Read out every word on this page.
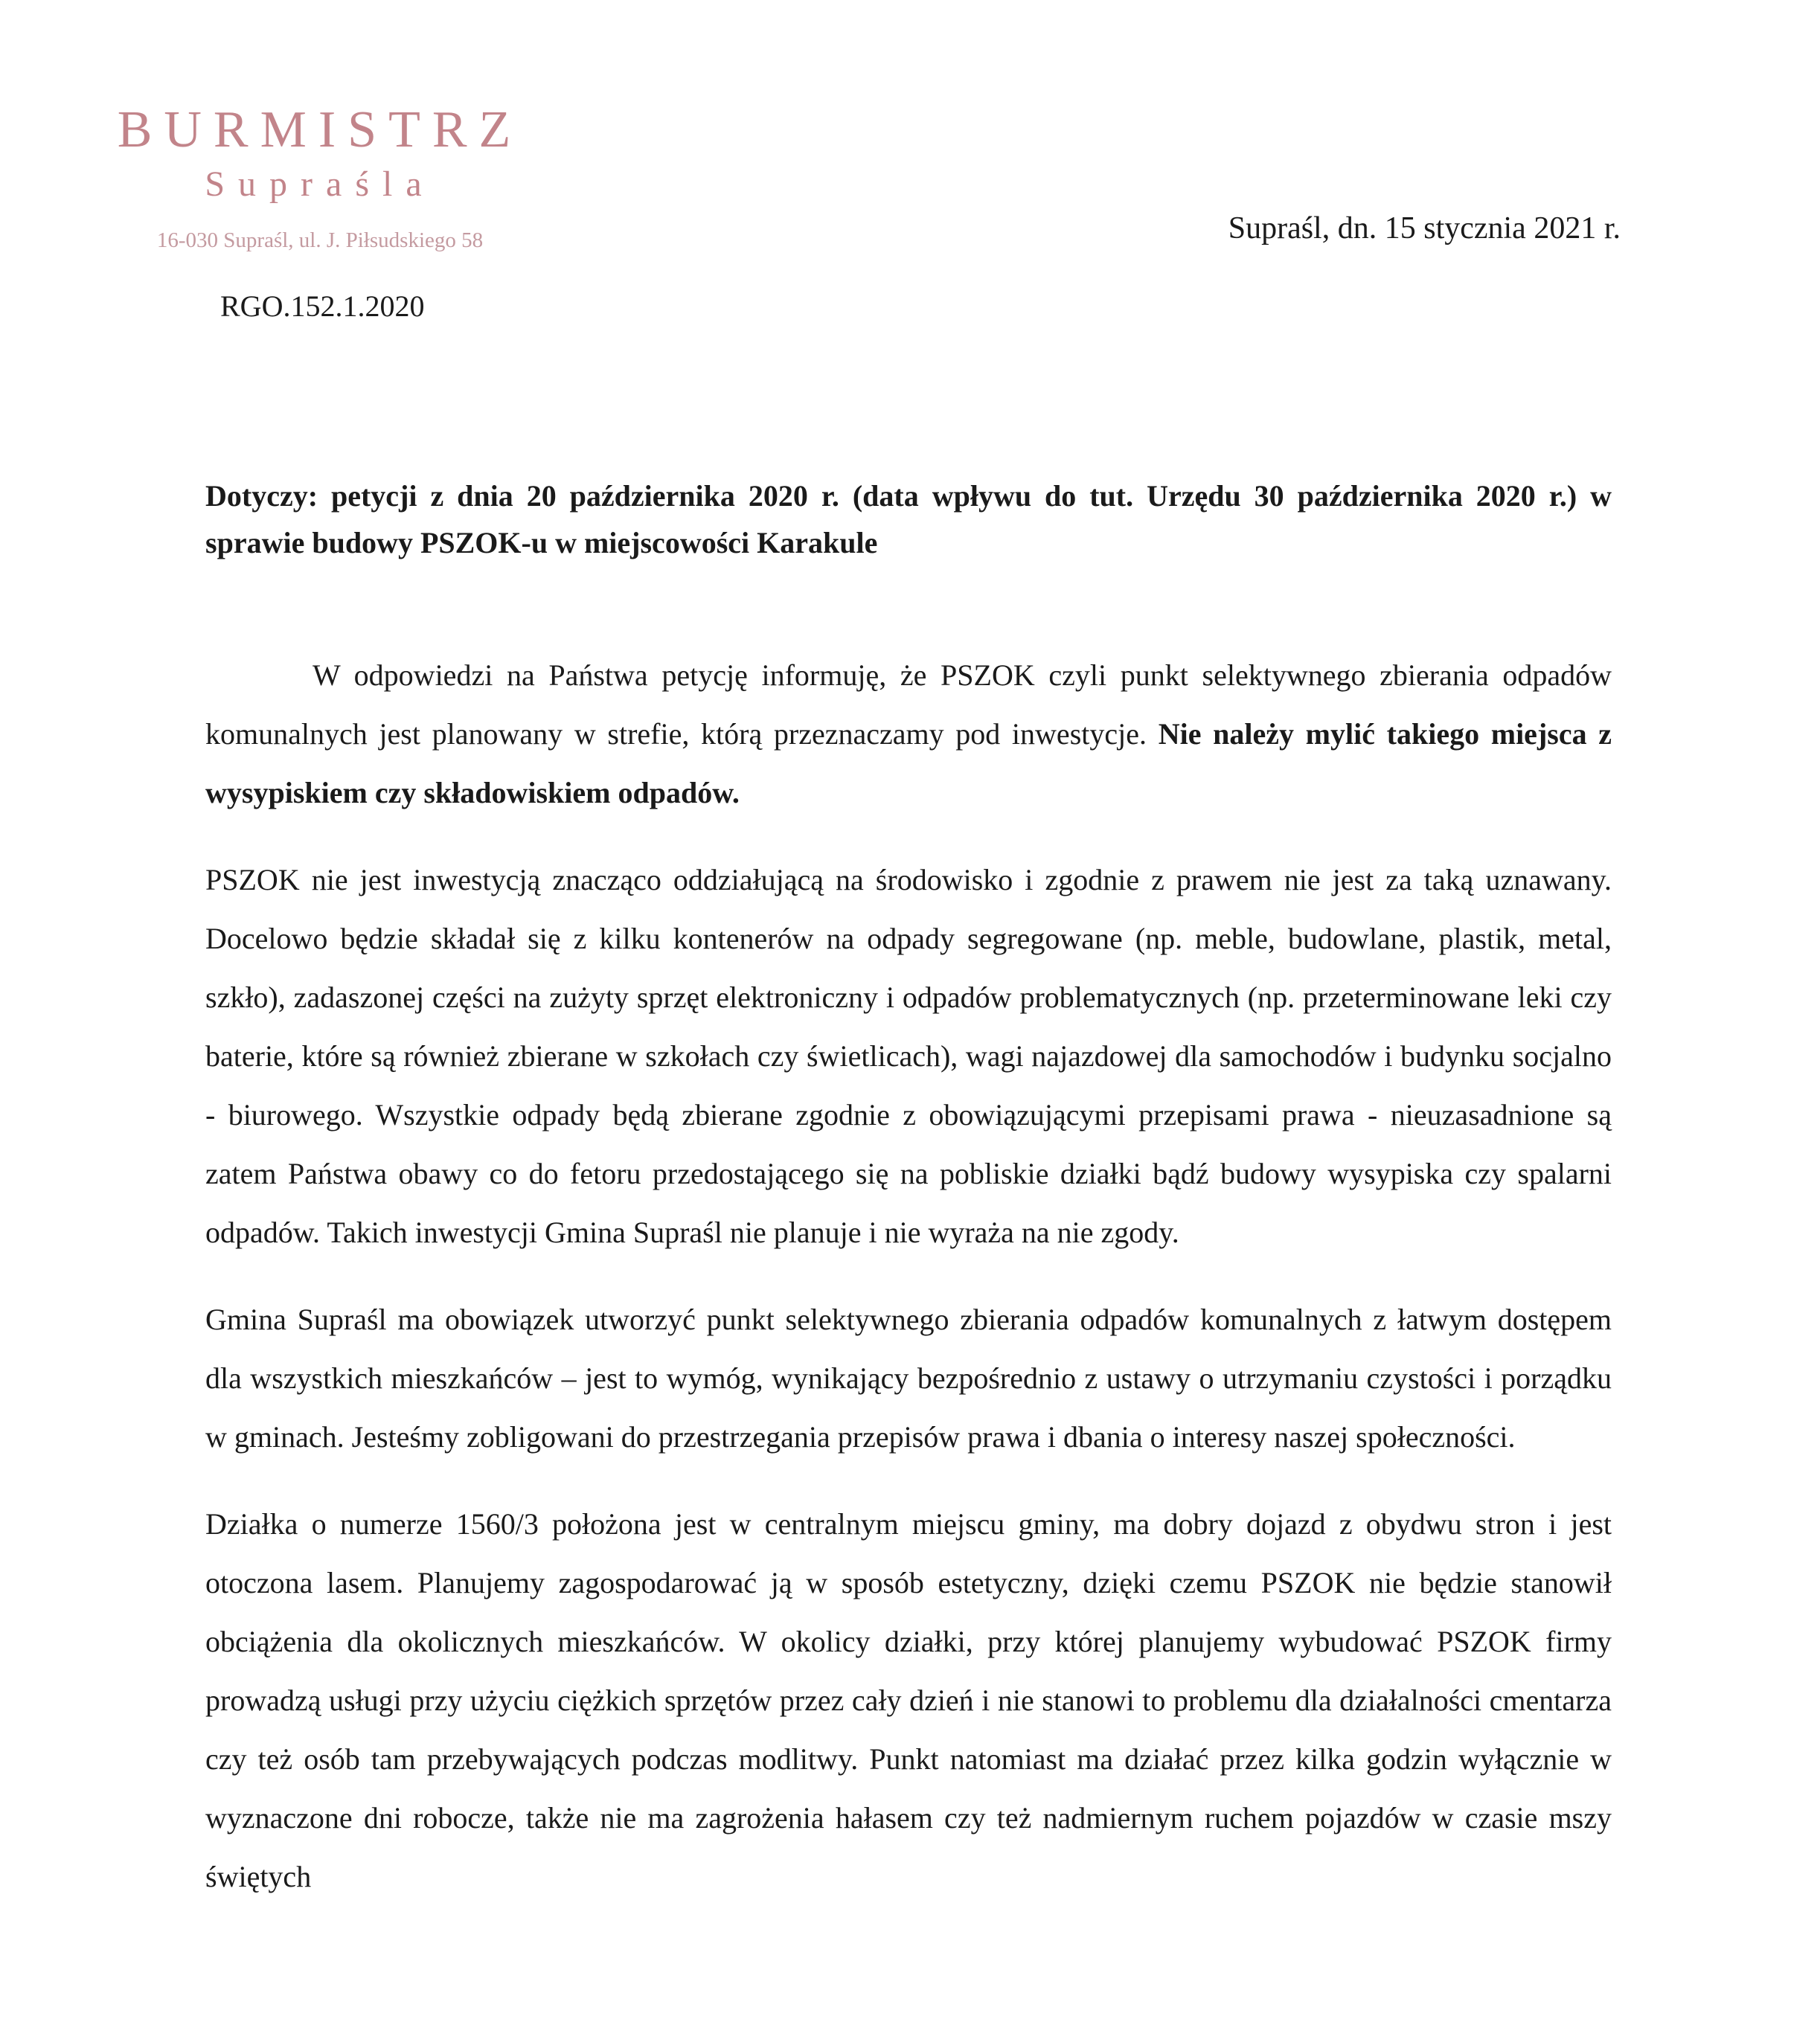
BURMISTRZ
Supraśla
16-030 Supraśl, ul. J. Piłsudskiego 58	Supraśl, dn. 15 stycznia 2021 r.
RGO.152.1.2020
Dotyczy: petycji z dnia 20 października 2020 r. (data wpływu do tut. Urzędu 30 października 2020 r.) w sprawie budowy PSZOK-u w miejscowości Karakule

W odpowiedzi na Państwa petycję informuję, że PSZOK czyli punkt selektywnego zbierania odpadów komunalnych jest planowany w strefie, którą przeznaczamy pod inwestycje. Nie należy mylić takiego miejsca z wysypiskiem czy składowiskiem odpadów.

PSZOK nie jest inwestycją znacząco oddziałującą na środowisko i zgodnie z prawem nie jest za taką uznawany. Docelowo będzie składał się z kilku kontenerów na odpady segregowane (np. meble, budowlane, plastik, metal, szkło), zadaszonej części na zużyty sprzęt elektroniczny i odpadów problematycznych (np. przeterminowane leki czy baterie, które są również zbierane w szkołach czy świetlicach), wagi najazdowej dla samochodów i budynku socjalno - biurowego. Wszystkie odpady będą zbierane zgodnie z obowiązującymi przepisami prawa - nieuzasadnione są zatem Państwa obawy co do fetoru przedostającego się na pobliskie działki bądź budowy wysypiska czy spalarni odpadów. Takich inwestycji Gmina Supraśl nie planuje i nie wyraża na nie zgody.

Gmina Supraśl ma obowiązek utworzyć punkt selektywnego zbierania odpadów komunalnych z łatwym dostępem dla wszystkich mieszkańców – jest to wymóg, wynikający bezpośrednio z ustawy o utrzymaniu czystości i porządku w gminach. Jesteśmy zobligowani do przestrzegania przepisów prawa i dbania o interesy naszej społeczności.

Działka o numerze 1560/3 położona jest w centralnym miejscu gminy, ma dobry dojazd z obydwu stron i jest otoczona lasem. Planujemy zagospodarować ją w sposób estetyczny, dzięki czemu PSZOK nie będzie stanowił obciążenia dla okolicznych mieszkańców. W okolicy działki, przy której planujemy wybudować PSZOK firmy prowadzą usługi przy użyciu ciężkich sprzętów przez cały dzień i nie stanowi to problemu dla działalności cmentarza czy też osób tam przebywających podczas modlitwy. Punkt natomiast ma działać przez kilka godzin wyłącznie w wyznaczone dni robocze, także nie ma zagrożenia hałasem czy też nadmiernym ruchem pojazdów w czasie mszy świętych
